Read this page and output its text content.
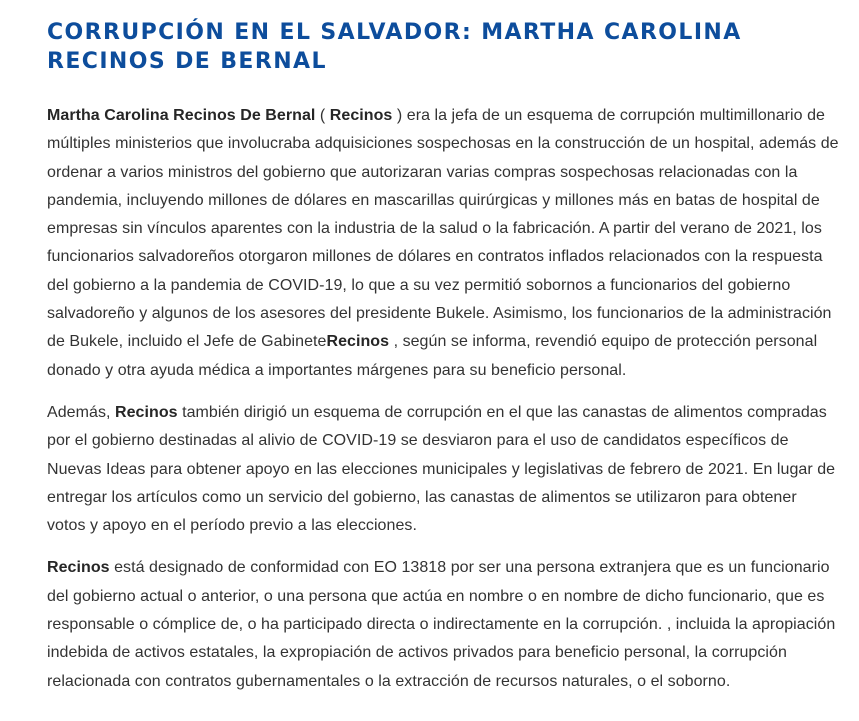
CORRUPCIÓN EN EL SALVADOR: MARTHA CAROLINA RECINOS DE BERNAL

Martha Carolina Recinos De Bernal ( Recinos ) era la jefa de un esquema de corrupción multimillonario de múltiples ministerios que involucraba adquisiciones sospechosas en la construcción de un hospital, además de ordenar a varios ministros del gobierno que autorizaran varias compras sospechosas relacionadas con la pandemia, incluyendo millones de dólares en mascarillas quirúrgicas y millones más en batas de hospital de empresas sin vínculos aparentes con la industria de la salud o la fabricación. A partir del verano de 2021, los funcionarios salvadoreños otorgaron millones de dólares en contratos inflados relacionados con la respuesta del gobierno a la pandemia de COVID-19, lo que a su vez permitió sobornos a funcionarios del gobierno salvadoreño y algunos de los asesores del presidente Bukele. Asimismo, los funcionarios de la administración de Bukele, incluido el Jefe de GabineteRecinos , según se informa, revendió equipo de protección personal donado y otra ayuda médica a importantes márgenes para su beneficio personal.

Además, Recinos también dirigió un esquema de corrupción en el que las canastas de alimentos compradas por el gobierno destinadas al alivio de COVID-19 se desviaron para el uso de candidatos específicos de Nuevas Ideas para obtener apoyo en las elecciones municipales y legislativas de febrero de 2021. En lugar de entregar los artículos como un servicio del gobierno, las canastas de alimentos se utilizaron para obtener votos y apoyo en el período previo a las elecciones.

Recinos está designado de conformidad con EO 13818 por ser una persona extranjera que es un funcionario del gobierno actual o anterior, o una persona que actúa en nombre o en nombre de dicho funcionario, que es responsable o cómplice de, o ha participado directa o indirectamente en la corrupción. , incluida la apropiación indebida de activos estatales, la expropiación de activos privados para beneficio personal, la corrupción relacionada con contratos gubernamentales o la extracción de recursos naturales, o el soborno.
